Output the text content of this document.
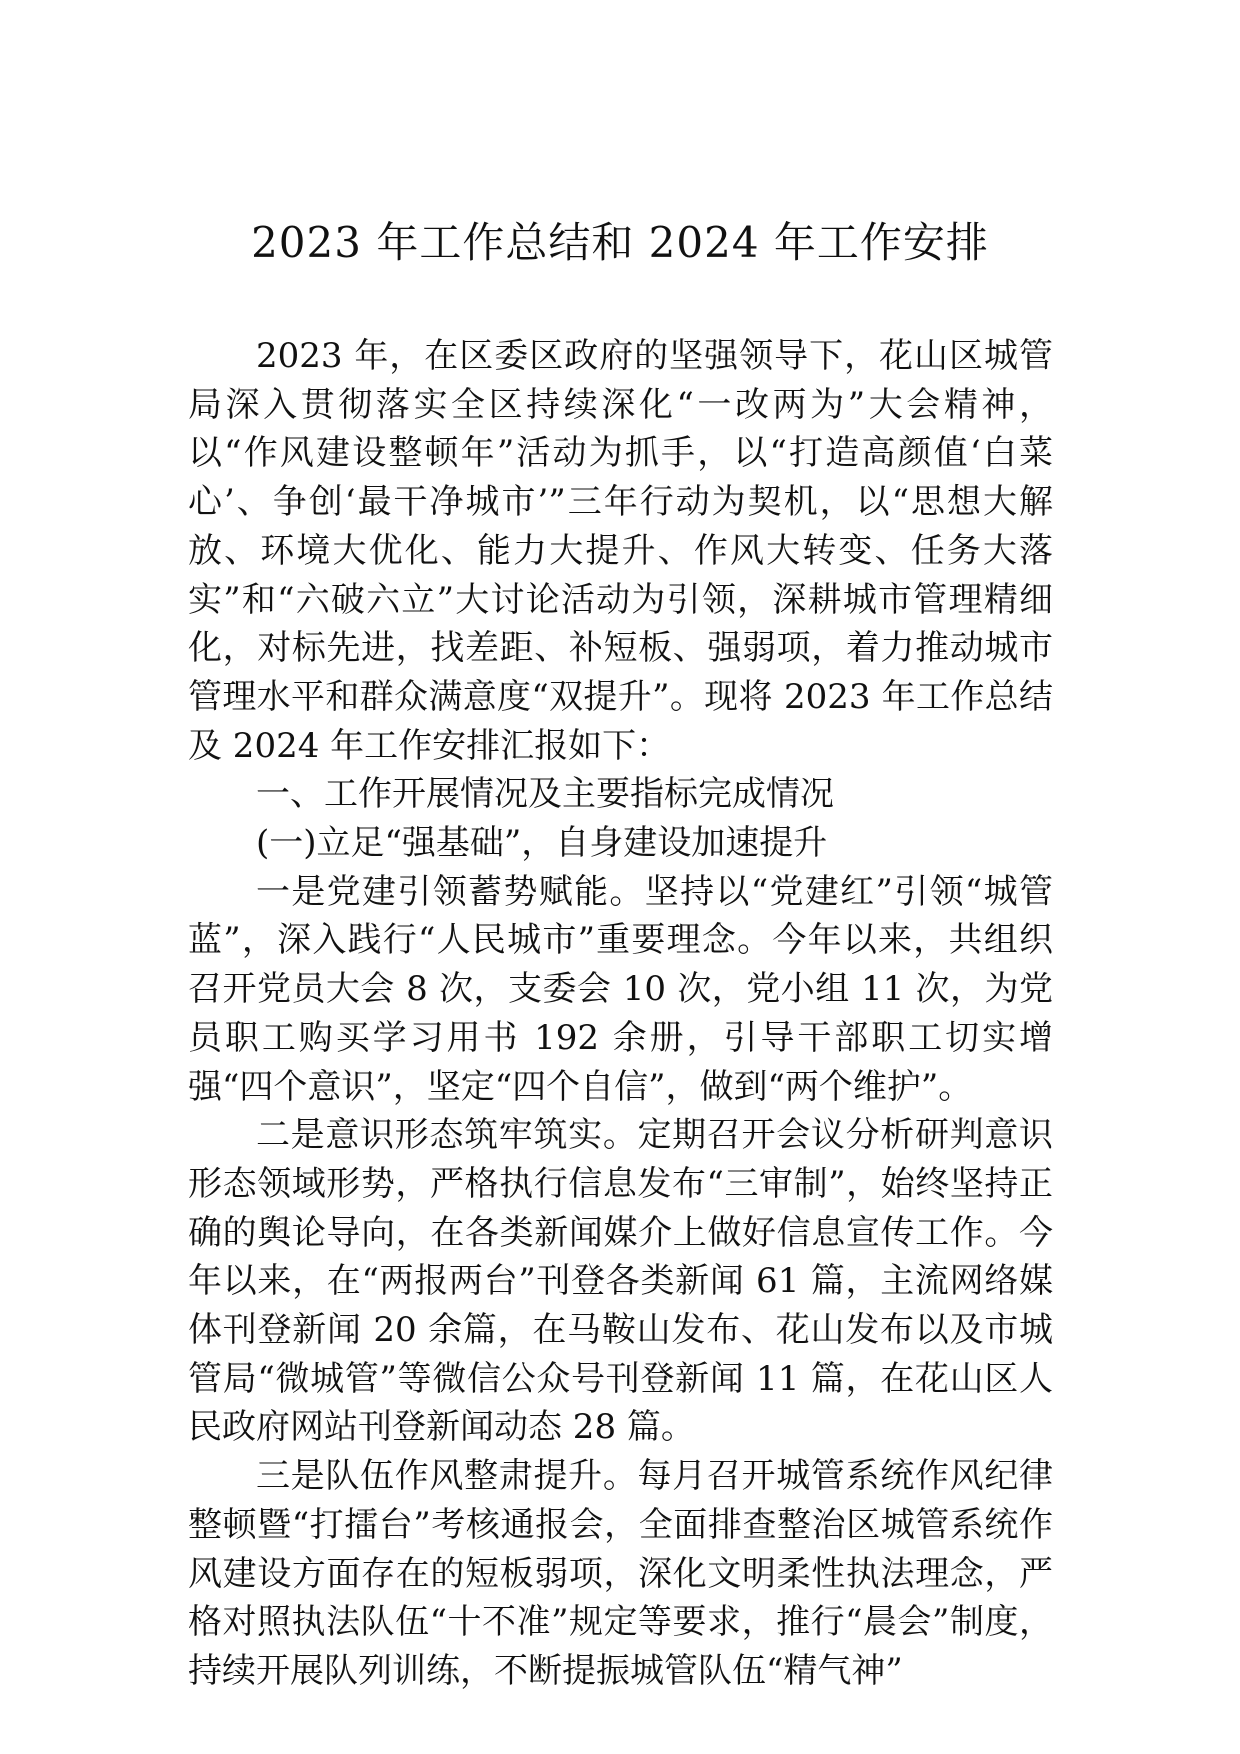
2023 年工作总结和 2024 年工作安排

2023 年，在区委区政府的坚强领导下，花山区城管局深入贯彻落实全区持续深化“一改两为”大会精神，以“作风建设整顿年”活动为抓手，以“打造高颜值‘白菜心’、争创‘最干净城市’”三年行动为契机，以“思想大解放、环境大优化、能力大提升、作风大转变、任务大落实”和“六破六立”大讨论活动为引领，深耕城市管理精细化，对标先进，找差距、补短板、强弱项，着力推动城市管理水平和群众满意度“双提升”。现将 2023 年工作总结及 2024 年工作安排汇报如下：

一、工作开展情况及主要指标完成情况

(一)立足“强基础”，自身建设加速提升

一是党建引领蓄势赋能。坚持以“党建红”引领“城管蓝”，深入践行“人民城市”重要理念。今年以来，共组织召开党员大会 8 次，支委会 10 次，党小组 11 次，为党员职工购买学习用书 192 余册，引导干部职工切实增强“四个意识”，坚定“四个自信”，做到“两个维护”。

二是意识形态筑牢筑实。定期召开会议分析研判意识形态领域形势，严格执行信息发布“三审制”，始终坚持正确的舆论导向，在各类新闻媒介上做好信息宣传工作。今年以来，在“两报两台”刊登各类新闻 61 篇，主流网络媒体刊登新闻 20 余篇，在马鞍山发布、花山发布以及市城管局“微城管”等微信公众号刊登新闻 11 篇，在花山区人民政府网站刊登新闻动态 28 篇。

三是队伍作风整肃提升。每月召开城管系统作风纪律整顿暨“打擂台”考核通报会，全面排查整治区城管系统作风建设方面存在的短板弱项，深化文明柔性执法理念，严格对照执法队伍“十不准”规定等要求，推行“晨会”制度，持续开展队列训练，不断提振城管队伍“精气神”
